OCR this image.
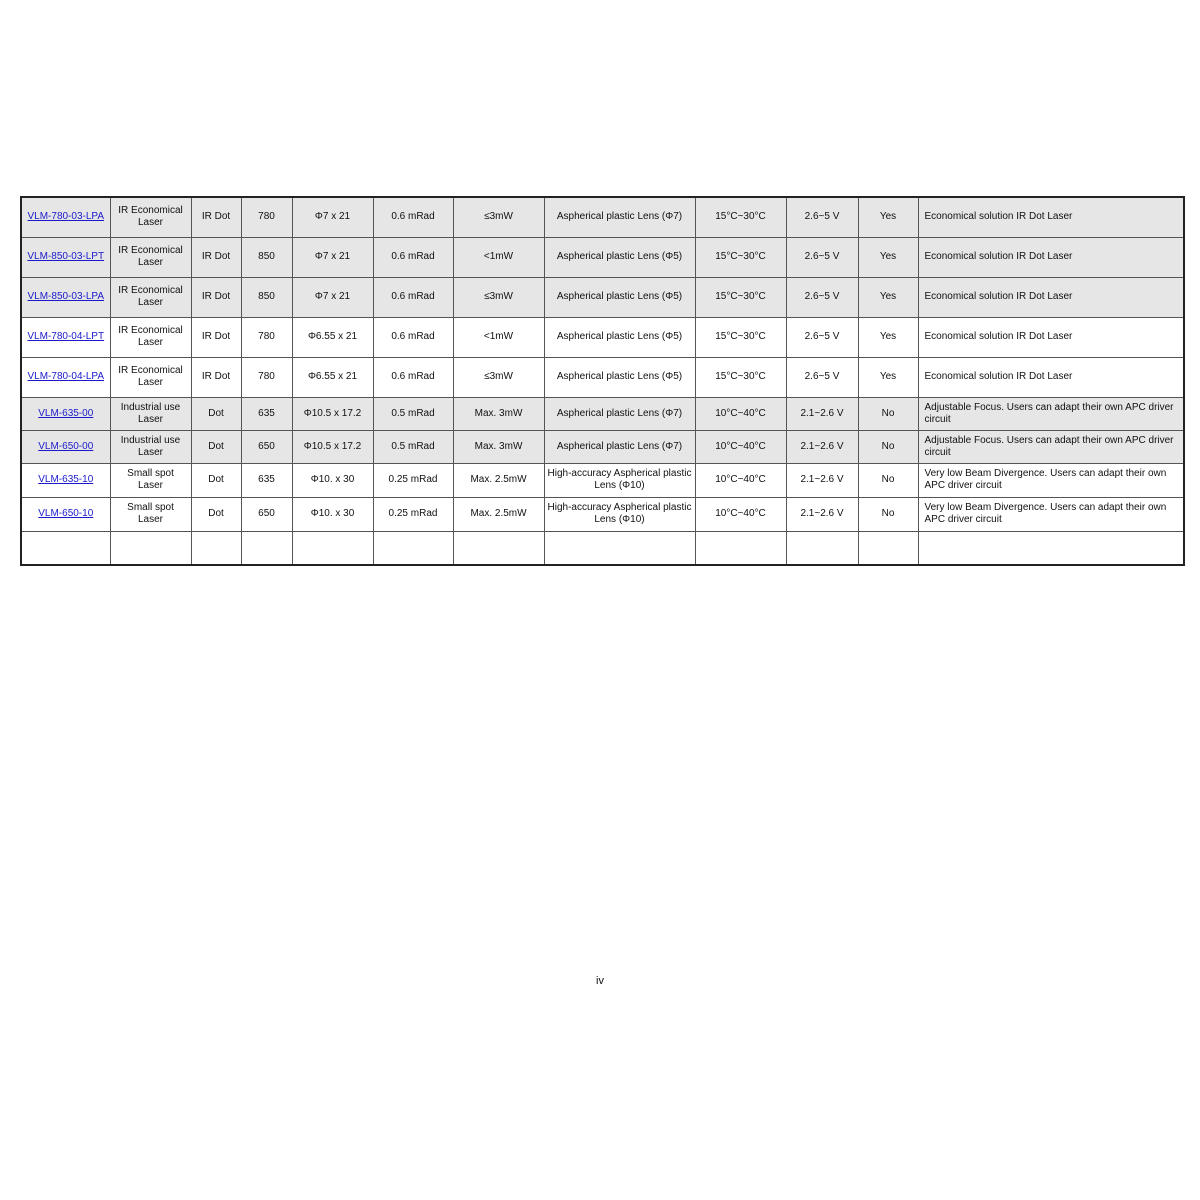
VLM-780-03-LPA	IR Economical Laser	IR Dot	780	Φ7 x 21	0.6 mRad	≤3mW	Aspherical plastic Lens (Φ7)	15°C~30°C	2.6~5 V	Yes	Economical solution IR Dot Laser
VLM-850-03-LPT	IR Economical Laser	IR Dot	850	Φ7 x 21	0.6 mRad	<1mW	Aspherical plastic Lens (Φ5)	15°C~30°C	2.6~5 V	Yes	Economical solution IR Dot Laser
VLM-850-03-LPA	IR Economical Laser	IR Dot	850	Φ7 x 21	0.6 mRad	≤3mW	Aspherical plastic Lens (Φ5)	15°C~30°C	2.6~5 V	Yes	Economical solution IR Dot Laser
VLM-780-04-LPT	IR Economical Laser	IR Dot	780	Φ6.55 x 21	0.6 mRad	<1mW	Aspherical plastic Lens (Φ5)	15°C~30°C	2.6~5 V	Yes	Economical solution IR Dot Laser
VLM-780-04-LPA	IR Economical Laser	IR Dot	780	Φ6.55 x 21	0.6 mRad	≤3mW	Aspherical plastic Lens (Φ5)	15°C~30°C	2.6~5 V	Yes	Economical solution IR Dot Laser
VLM-635-00	Industrial use Laser	Dot	635	Φ10.5 x 17.2	0.5 mRad	Max. 3mW	Aspherical plastic Lens (Φ7)	10°C~40°C	2.1~2.6 V	No	Adjustable Focus. Users can adapt their own APC driver circuit
VLM-650-00	Industrial use Laser	Dot	650	Φ10.5 x 17.2	0.5 mRad	Max. 3mW	Aspherical plastic Lens (Φ7)	10°C~40°C	2.1~2.6 V	No	Adjustable Focus. Users can adapt their own APC driver circuit
VLM-635-10	Small spot Laser	Dot	635	Φ10. x 30	0.25 mRad	Max. 2.5mW	High-accuracy Aspherical plastic Lens (Φ10)	10°C~40°C	2.1~2.6 V	No	Very low Beam Divergence. Users can adapt their own APC driver circuit
VLM-650-10	Small spot Laser	Dot	650	Φ10. x 30	0.25 mRad	Max. 2.5mW	High-accuracy Aspherical plastic Lens (Φ10)	10°C~40°C	2.1~2.6 V	No	Very low Beam Divergence. Users can adapt their own APC driver circuit

iv
